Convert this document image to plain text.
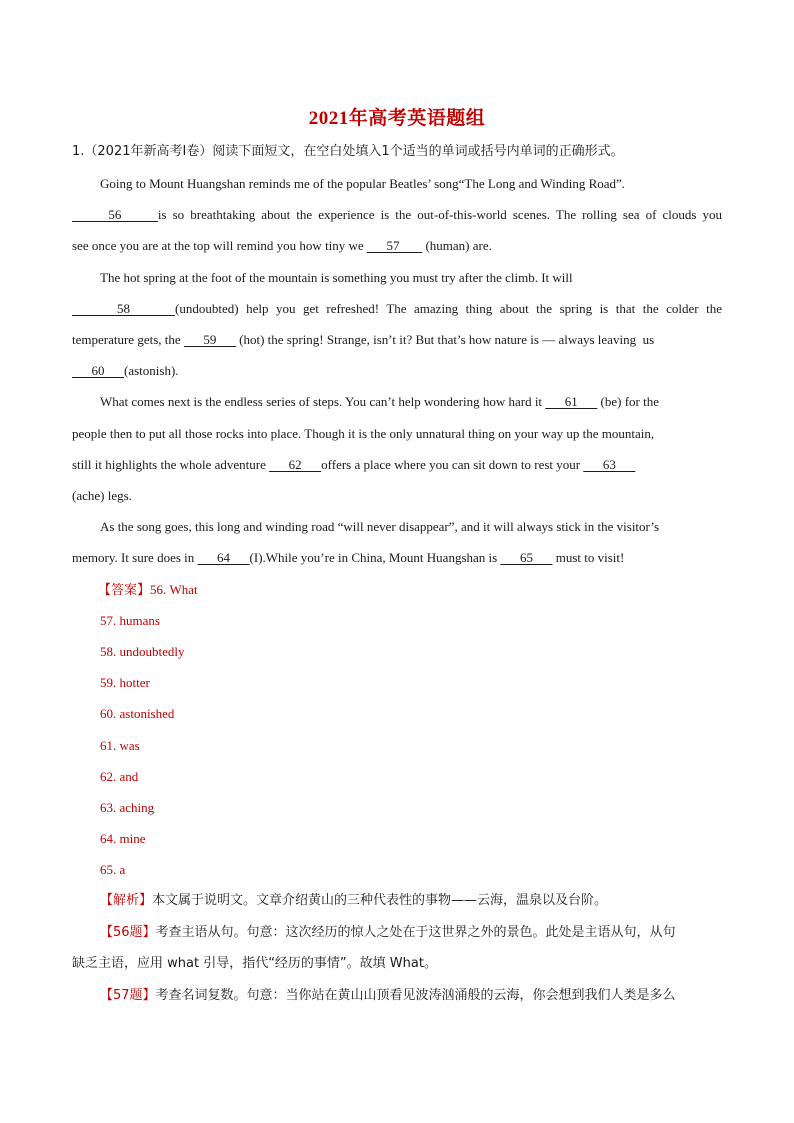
2021年高考英语题组
1.（2021年新高考I卷）阅读下面短文，在空白处填入1个适当的单词或括号内单词的正确形式。
Going to Mount Huangshan reminds me of the popular Beatles’ song“The Long and Winding Road”.
56      is so breathtaking about the experience is the out-of-this-world scenes. The rolling sea of clouds you
see once you are at the top will remind you how tiny we       57        (human) are.
The hot spring at the foot of the mountain is something you must try after the climb. It will
58      (undoubted) help you get refreshed! The amazing thing about the spring is that the colder the
temperature gets, the       59       (hot) the spring! Strange, isn’t it? But that’s how nature is — always leaving  us
60      (astonish).
What comes next is the endless series of steps. You can’t help wondering how hard it       61       (be) for the
people then to put all those rocks into place. Though it is the only unnatural thing on your way up the mountain,
still it highlights the whole adventure       62      offers a place where you can sit down to rest your       63
(ache) legs.
As the song goes, this long and winding road “will never disappear”, and it will always stick in the visitor’s
memory. It sure does in       64      (I).While you’re in China, Mount Huangshan is       65       must to visit!
【答案】56. What
57. humans
58. undoubtedly
59. hotter
60. astonished
61. was
62. and
63. aching
64. mine
65. a
【解析】本文属于说明文。文章介绍黄山的三种代表性的事物——云海，温泉以及台阶。
【56题】考查主语从句。句意：这次经历的惊人之处在于这世界之外的景色。此处是主语从句，从句
缺乏主语，应用 what 引导，指代“经历的事情”。故填 What。
【57题】考查名词复数。句意：当你站在黄山山顶看见波涛汹涌般的云海，你会想到我们人类是多么
